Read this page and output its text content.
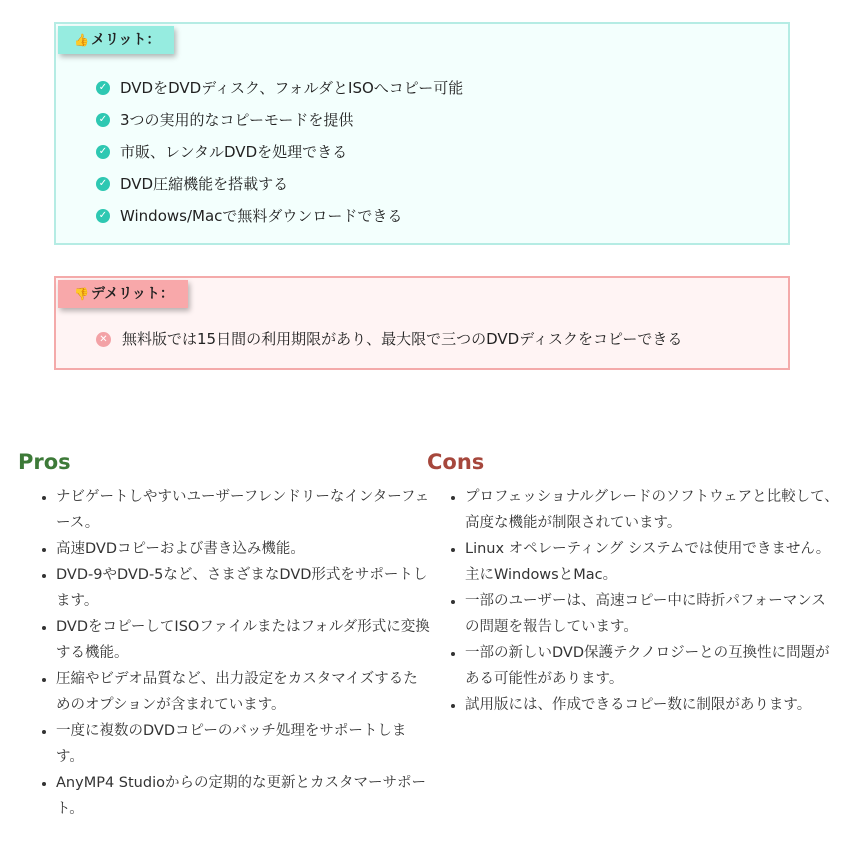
👍 メリット：
✓ DVDをDVDディスク、フォルダとISOへコピー可能
✓ 3つの実用的なコピーモードを提供
✓ 市販、レンタルDVDを処理できる
✓ DVD圧縮機能を搭載する
✓ Windows/Macで無料ダウンロードできる
👎 デメリット：
✕ 無料版では15日間の利用期限があり、最大限で三つのDVDディスクをコピーできる
Pros
• ナビゲートしやすいユーザーフレンドリーなインターフェース。
• 高速DVDコピーおよび書き込み機能。
• DVD-9やDVD-5など、さまざまなDVD形式をサポートします。
• DVDをコピーしてISOファイルまたはフォルダ形式に変換する機能。
• 圧縮やビデオ品質など、出力設定をカスタマイズするためのオプションが含まれています。
• 一度に複数のDVDコピーのバッチ処理をサポートします。
• AnyMP4 Studioからの定期的な更新とカスタマーサポート。
Cons
• プロフェッショナルグレードのソフトウェアと比較して、高度な機能が制限されています。
• Linux オペレーティング システムでは使用できません。主にWindowsとMac。
• 一部のユーザーは、高速コピー中に時折パフォーマンスの問題を報告しています。
• 一部の新しいDVD保護テクノロジーとの互換性に問題がある可能性があります。
• 試用版には、作成できるコピー数に制限があります。
